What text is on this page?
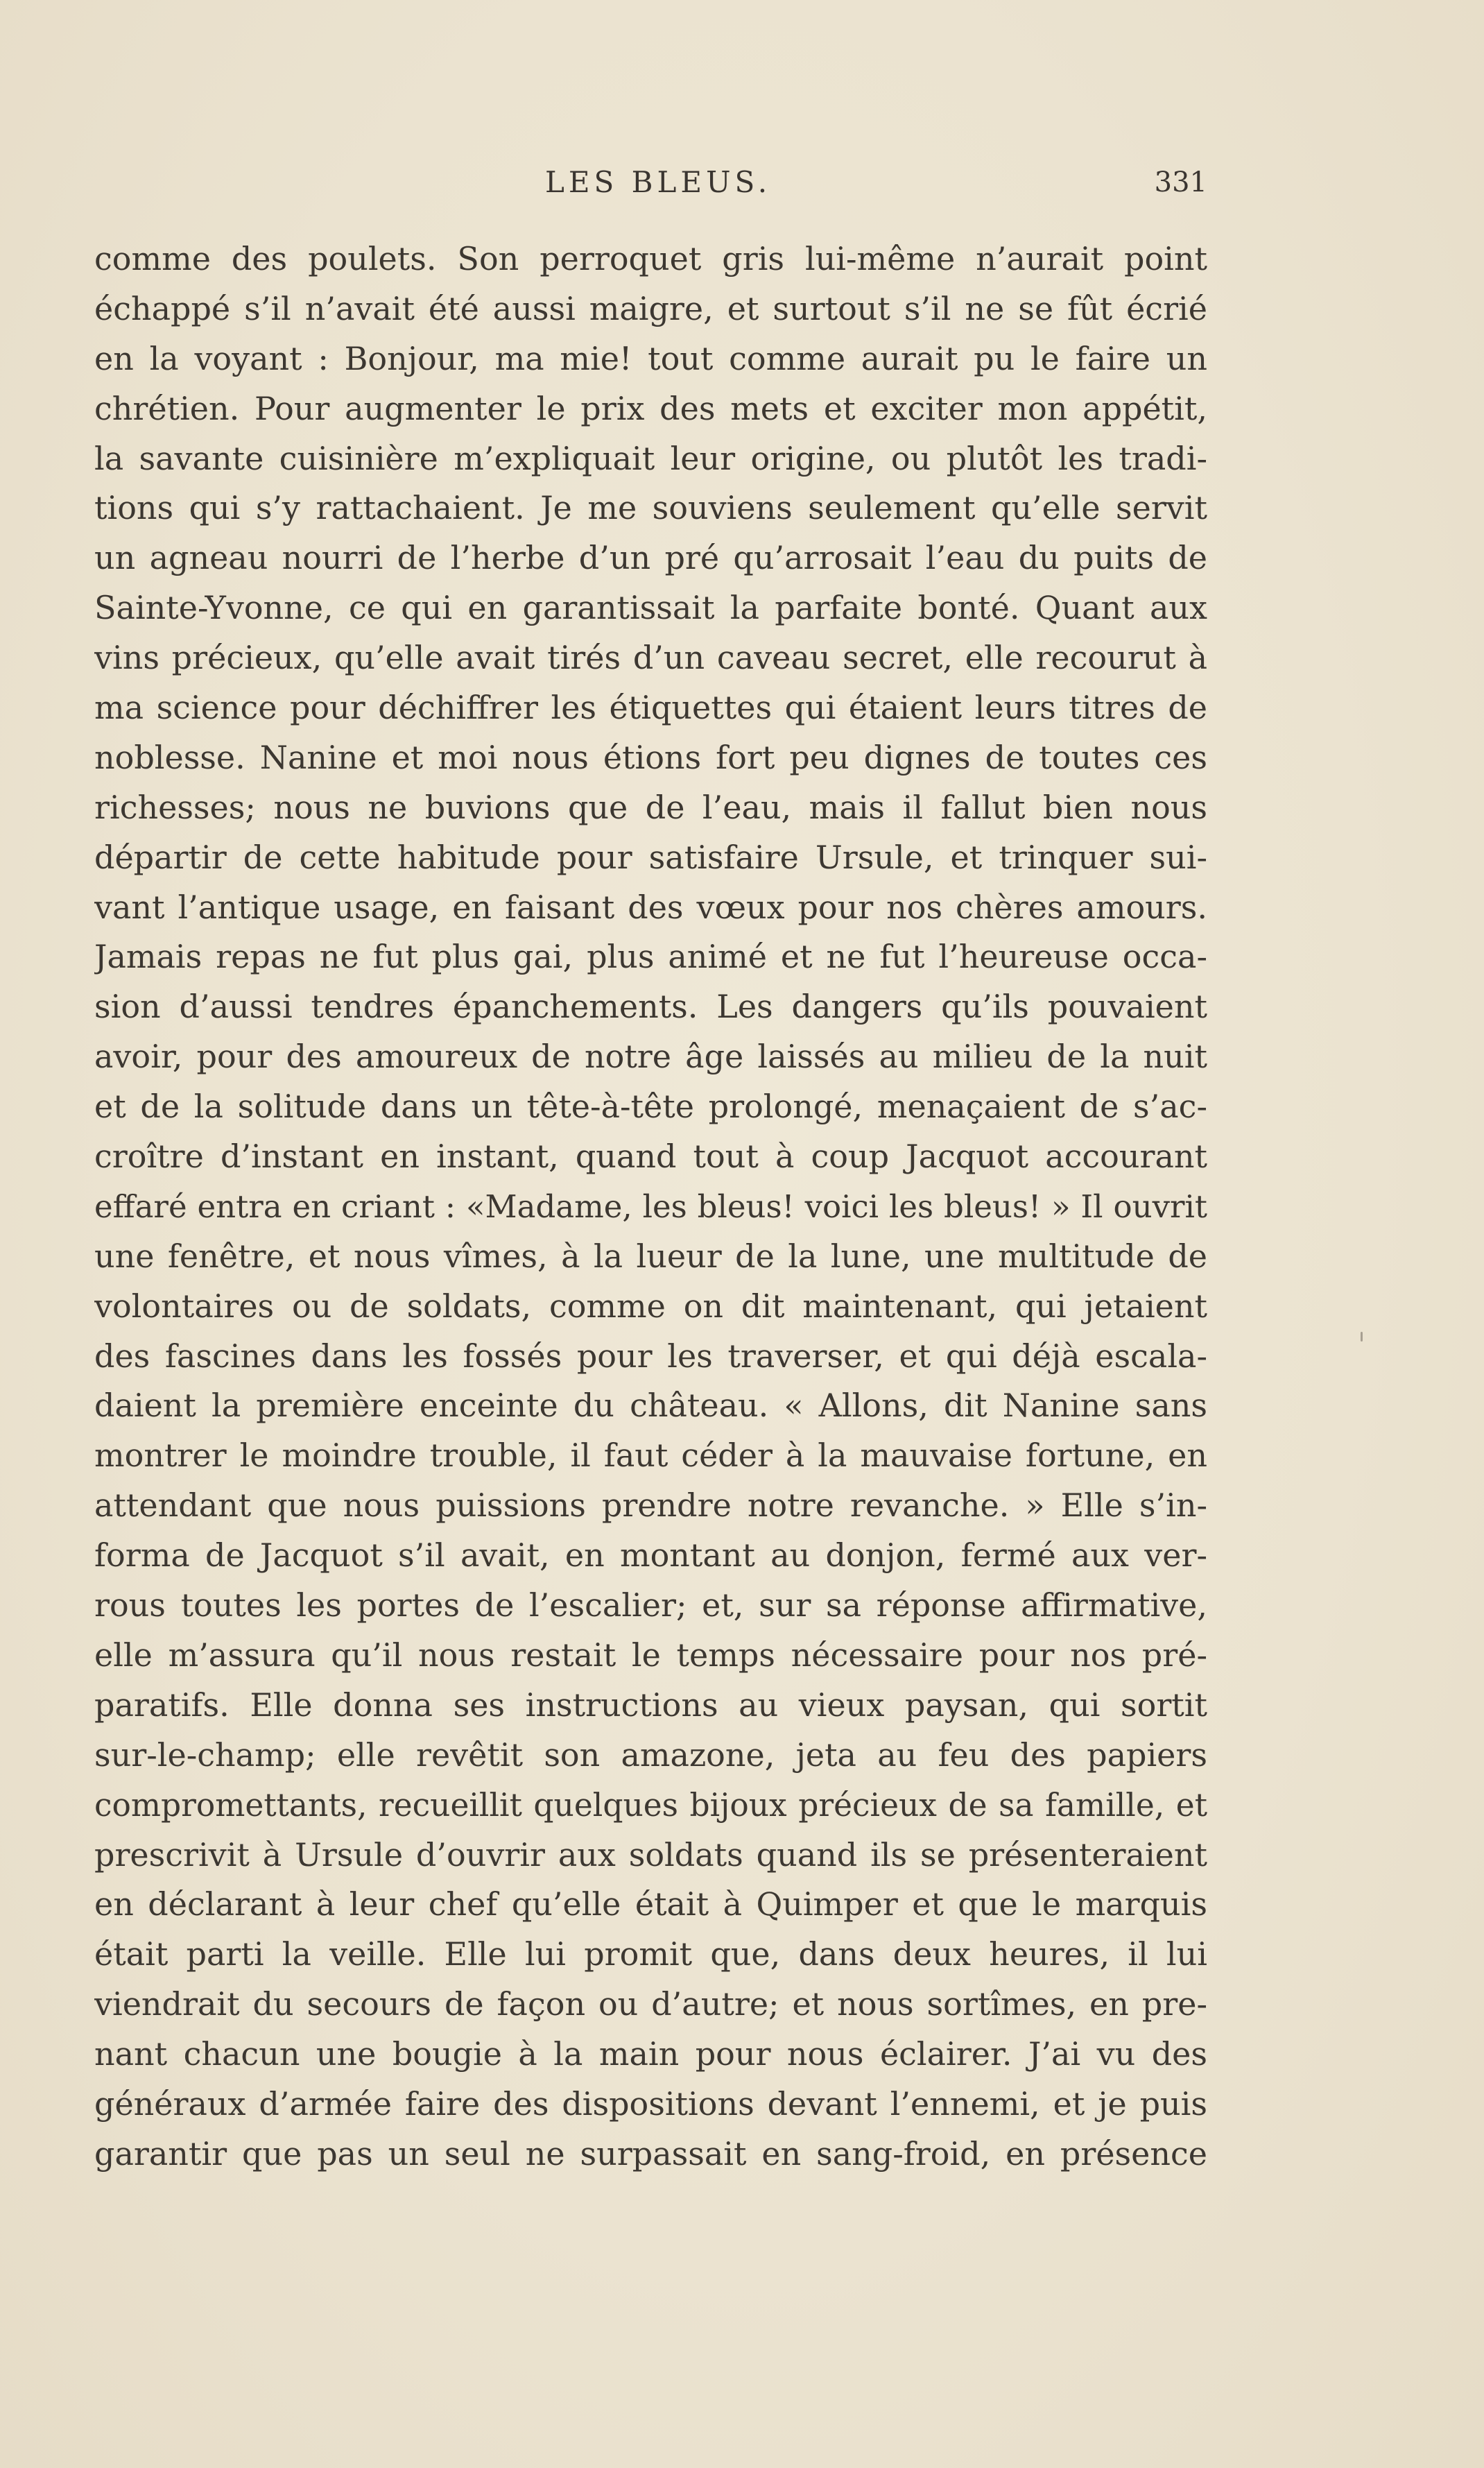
LES BLEUS.	331
comme des poulets. Son perroquet gris lui-même n’aurait point
échappé s’il n’avait été aussi maigre, et surtout s’il ne se fût écrié
en la voyant : Bonjour, ma mie! tout comme aurait pu le faire un
chrétien. Pour augmenter le prix des mets et exciter mon appétit,
la savante cuisinière m’expliquait leur origine, ou plutôt les tradi-
tions qui s’y rattachaient. Je me souviens seulement qu’elle servit
un agneau nourri de l’herbe d’un pré qu’arrosait l’eau du puits de
Sainte-Yvonne, ce qui en garantissait la parfaite bonté. Quant aux
vins précieux, qu’elle avait tirés d’un caveau secret, elle recourut à
ma science pour déchiffrer les étiquettes qui étaient leurs titres de
noblesse. Nanine et moi nous étions fort peu dignes de toutes ces
richesses; nous ne buvions que de l’eau, mais il fallut bien nous
départir de cette habitude pour satisfaire Ursule, et trinquer sui-
vant l’antique usage, en faisant des vœux pour nos chères amours.
Jamais repas ne fut plus gai, plus animé et ne fut l’heureuse occa-
sion d’aussi tendres épanchements. Les dangers qu’ils pouvaient
avoir, pour des amoureux de notre âge laissés au milieu de la nuit
et de la solitude dans un tête-à-tête prolongé, menaçaient de s’ac-
croître d’instant en instant, quand tout à coup Jacquot accourant
effaré entra en criant : «Madame, les bleus! voici les bleus! » Il ouvrit
une fenêtre, et nous vîmes, à la lueur de la lune, une multitude de
volontaires ou de soldats, comme on dit maintenant, qui jetaient
des fascines dans les fossés pour les traverser, et qui déjà escala-
daient la première enceinte du château. « Allons, dit Nanine sans
montrer le moindre trouble, il faut céder à la mauvaise fortune, en
attendant que nous puissions prendre notre revanche. » Elle s’in-
forma de Jacquot s’il avait, en montant au donjon, fermé aux ver-
rous toutes les portes de l’escalier; et, sur sa réponse affirmative,
elle m’assura qu’il nous restait le temps nécessaire pour nos pré-
paratifs. Elle donna ses instructions au vieux paysan, qui sortit
sur-le-champ; elle revêtit son amazone, jeta au feu des papiers
compromettants, recueillit quelques bijoux précieux de sa famille, et
prescrivit à Ursule d’ouvrir aux soldats quand ils se présenteraient
en déclarant à leur chef qu’elle était à Quimper et que le marquis
était parti la veille. Elle lui promit que, dans deux heures, il lui
viendrait du secours de façon ou d’autre; et nous sortîmes, en pre-
nant chacun une bougie à la main pour nous éclairer. J’ai vu des
généraux d’armée faire des dispositions devant l’ennemi, et je puis
garantir que pas un seul ne surpassait en sang-froid, en présence
